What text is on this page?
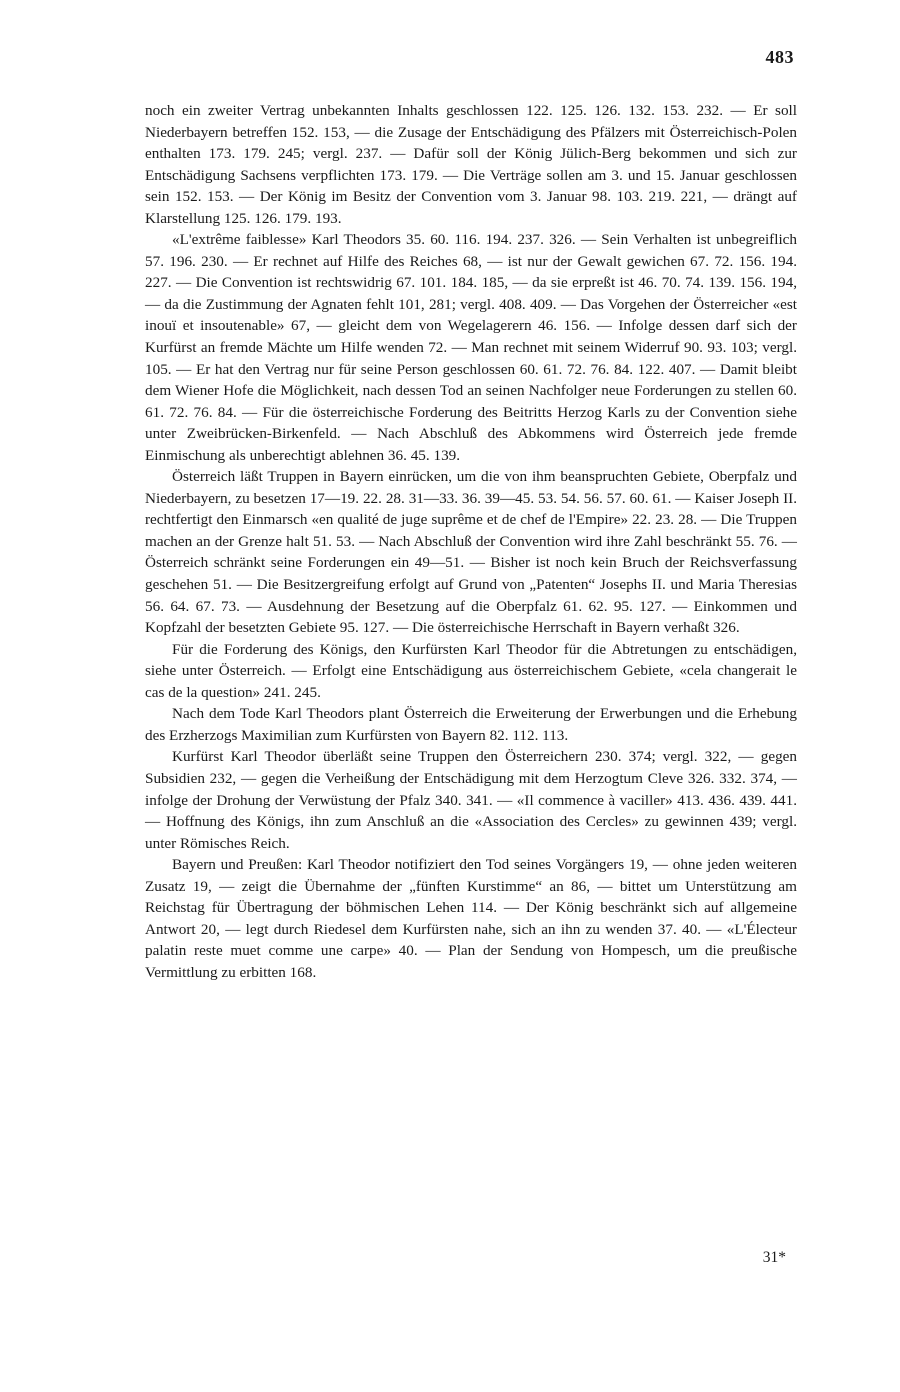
483

noch ein zweiter Vertrag unbekannten Inhalts geschlossen 122. 125. 126. 132. 153. 232. — Er soll Niederbayern betreffen 152. 153, — die Zusage der Entschädigung des Pfälzers mit Österreichisch-Polen enthalten 173. 179. 245; vergl. 237. — Dafür soll der König Jülich-Berg bekommen und sich zur Entschädigung Sachsens verpflichten 173. 179. — Die Verträge sollen am 3. und 15. Januar geschlossen sein 152. 153. — Der König im Besitz der Convention vom 3. Januar 98. 103. 219. 221, — drängt auf Klarstellung 125. 126. 179. 193.

«L'extrême faiblesse» Karl Theodors 35. 60. 116. 194. 237. 326. — Sein Verhalten ist unbegreiflich 57. 196. 230. — Er rechnet auf Hilfe des Reiches 68, — ist nur der Gewalt gewichen 67. 72. 156. 194. 227. — Die Convention ist rechtswidrig 67. 101. 184. 185, — da sie erpreßt ist 46. 70. 74. 139. 156. 194, — da die Zustimmung der Agnaten fehlt 101, 281; vergl. 408. 409. — Das Vorgehen der Österreicher «est inouï et insoutenable» 67, — gleicht dem von Wegelagerern 46. 156. — Infolge dessen darf sich der Kurfürst an fremde Mächte um Hilfe wenden 72. — Man rechnet mit seinem Widerruf 90. 93. 103; vergl. 105. — Er hat den Vertrag nur für seine Person geschlossen 60. 61. 72. 76. 84. 122. 407. — Damit bleibt dem Wiener Hofe die Möglichkeit, nach dessen Tod an seinen Nachfolger neue Forderungen zu stellen 60. 61. 72. 76. 84. — Für die österreichische Forderung des Beitritts Herzog Karls zu der Convention siehe unter Zweibrücken-Birkenfeld. — Nach Abschluß des Abkommens wird Österreich jede fremde Einmischung als unberechtigt ablehnen 36. 45. 139.

Österreich läßt Truppen in Bayern einrücken, um die von ihm beanspruchten Gebiete, Oberpfalz und Niederbayern, zu besetzen 17—19. 22. 28. 31—33. 36. 39—45. 53. 54. 56. 57. 60. 61. — Kaiser Joseph II. rechtfertigt den Einmarsch «en qualité de juge suprême et de chef de l'Empire» 22. 23. 28. — Die Truppen machen an der Grenze halt 51. 53. — Nach Abschluß der Convention wird ihre Zahl beschränkt 55. 76. — Österreich schränkt seine Forderungen ein 49—51. — Bisher ist noch kein Bruch der Reichsverfassung geschehen 51. — Die Besitzergreifung erfolgt auf Grund von „Patenten“ Josephs II. und Maria Theresias 56. 64. 67. 73. — Ausdehnung der Besetzung auf die Oberpfalz 61. 62. 95. 127. — Einkommen und Kopfzahl der besetzten Gebiete 95. 127. — Die österreichische Herrschaft in Bayern verhaßt 326.

Für die Forderung des Königs, den Kurfürsten Karl Theodor für die Abtretungen zu entschädigen, siehe unter Österreich. — Erfolgt eine Entschädigung aus österreichischem Gebiete, «cela changerait le cas de la question» 241. 245.

Nach dem Tode Karl Theodors plant Österreich die Erweiterung der Erwerbungen und die Erhebung des Erzherzogs Maximilian zum Kurfürsten von Bayern 82. 112. 113.

Kurfürst Karl Theodor überläßt seine Truppen den Österreichern 230. 374; vergl. 322, — gegen Subsidien 232, — gegen die Verheißung der Entschädigung mit dem Herzogtum Cleve 326. 332. 374, — infolge der Drohung der Verwüstung der Pfalz 340. 341. — «Il commence à vaciller» 413. 436. 439. 441. — Hoffnung des Königs, ihn zum Anschluß an die «Association des Cercles» zu gewinnen 439; vergl. unter Römisches Reich.

Bayern und Preußen: Karl Theodor notifiziert den Tod seines Vorgängers 19, — ohne jeden weiteren Zusatz 19, — zeigt die Übernahme der „fünften Kurstimme“ an 86, — bittet um Unterstützung am Reichstag für Übertragung der böhmischen Lehen 114. — Der König beschränkt sich auf allgemeine Antwort 20, — legt durch Riedesel dem Kurfürsten nahe, sich an ihn zu wenden 37. 40. — «L'Électeur palatin reste muet comme une carpe» 40. — Plan der Sendung von Hompesch, um die preußische Vermittlung zu erbitten 168.

31*
